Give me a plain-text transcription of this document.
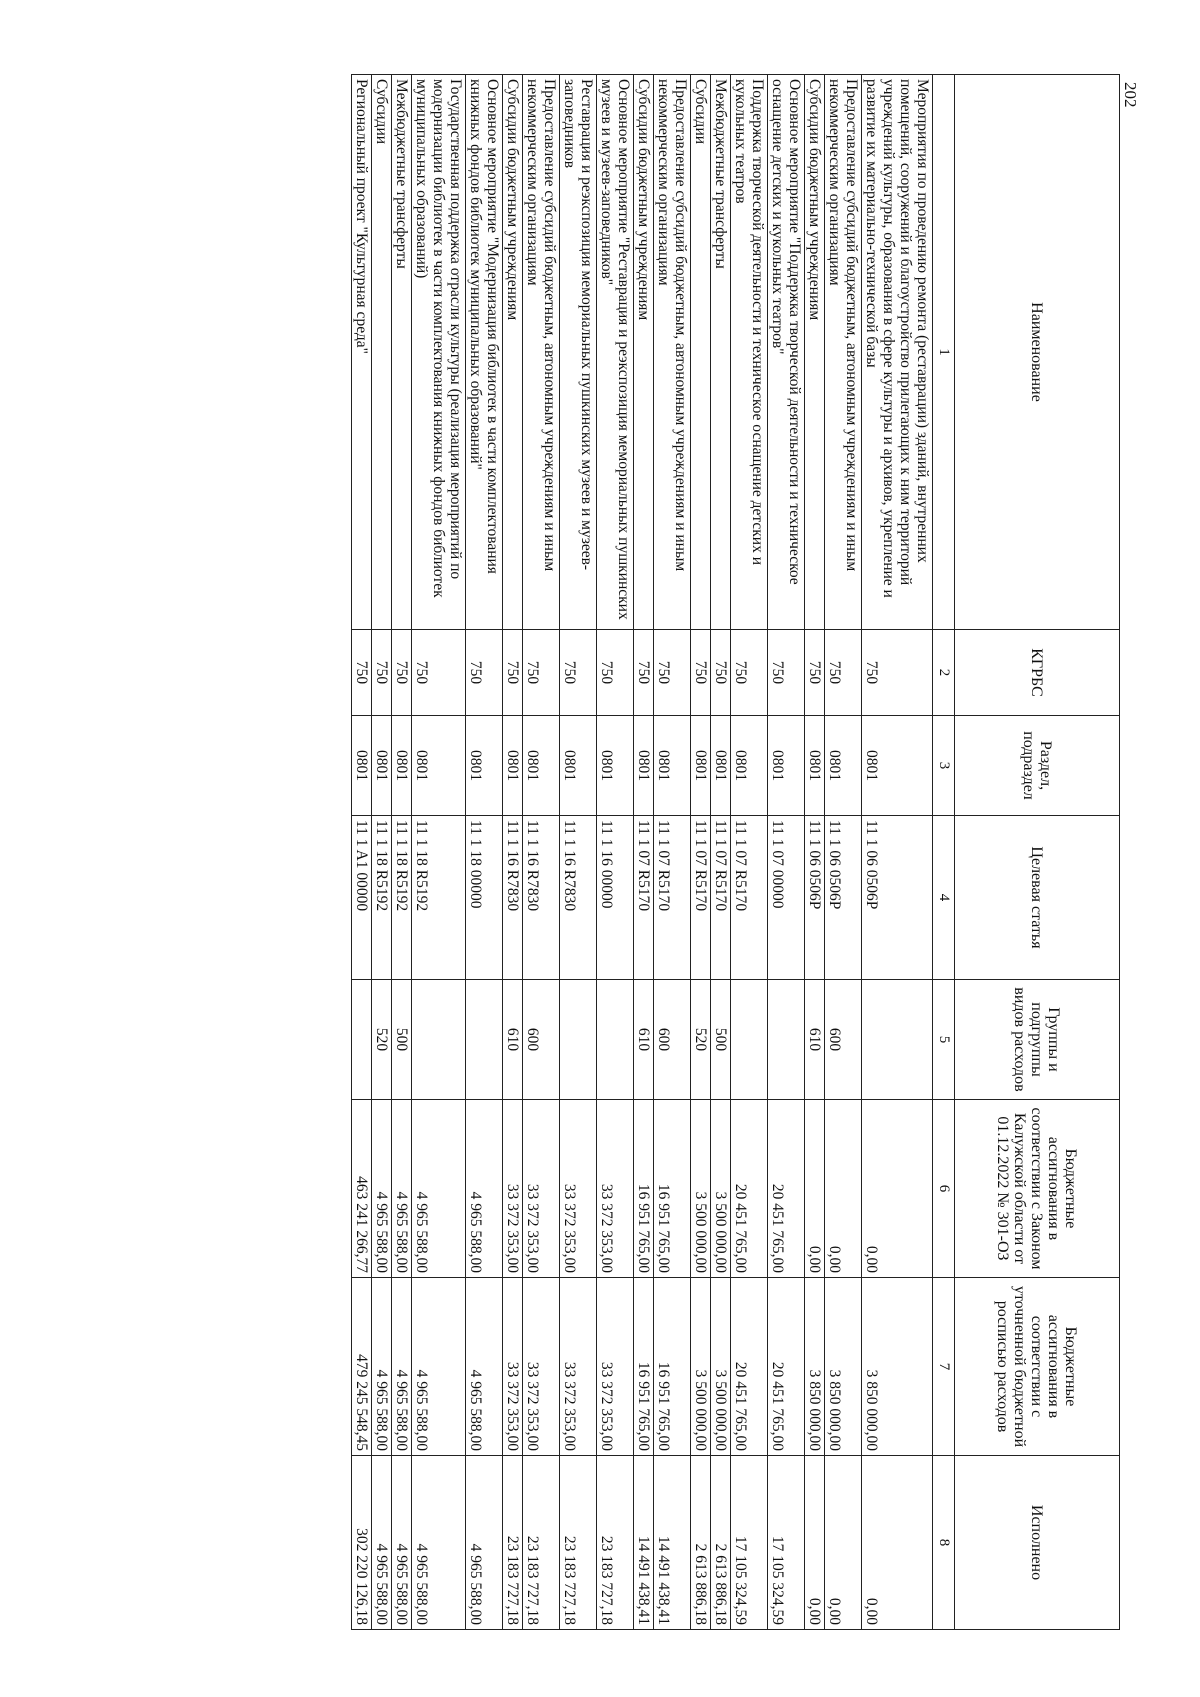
202
Наименование	КГРБС	Раздел, подраздел	Целевая статья	Группы и подгруппы видов расходов	Бюджетные ассигнования в соответствии с Законом Калужской области от 01.12.2022 № 301-ОЗ	Бюджетные ассигнования в соответствии с уточненной бюджетной росписью расходов	Исполнено
1	2	3	4	5	6	7	8
Мероприятия по проведению ремонта (реставрации) зданий, внутренних помещений, сооружений и благоустройство прилегающих к ним территорий учреждений культуры, образования в сфере культуры и архивов, укрепление и развитие их материально-технической базы	750	0801	11 1 06 0506Р		0,00	3 850 000,00	0,00
Предоставление субсидий бюджетным, автономным учреждениям и иным некоммерческим организациям	750	0801	11 1 06 0506Р	600	0,00	3 850 000,00	0,00
Субсидии бюджетным учреждениям	750	0801	11 1 06 0506Р	610	0,00	3 850 000,00	0,00
Основное мероприятие "Поддержка творческой деятельности и техническое оснащение детских и кукольных театров"	750	0801	11 1 07 00000		20 451 765,00	20 451 765,00	17 105 324,59
Поддержка творческой деятельности и техническое оснащение детских и кукольных театров	750	0801	11 1 07 R5170		20 451 765,00	20 451 765,00	17 105 324,59
Межбюджетные трансферты	750	0801	11 1 07 R5170	500	3 500 000,00	3 500 000,00	2 613 886,18
Субсидии	750	0801	11 1 07 R5170	520	3 500 000,00	3 500 000,00	2 613 886,18
Предоставление субсидий бюджетным, автономным учреждениям и иным некоммерческим организациям	750	0801	11 1 07 R5170	600	16 951 765,00	16 951 765,00	14 491 438,41
Субсидии бюджетным учреждениям	750	0801	11 1 07 R5170	610	16 951 765,00	16 951 765,00	14 491 438,41
Основное мероприятие "Реставрация и реэкспозиция мемориальных пушкинских музеев и музеев-заповедников"	750	0801	11 1 16 00000		33 372 353,00	33 372 353,00	23 183 727,18
Реставрация и реэкспозиция мемориальных пушкинских музеев и музеев-заповедников	750	0801	11 1 16 R7830		33 372 353,00	33 372 353,00	23 183 727,18
Предоставление субсидий бюджетным, автономным учреждениям и иным некоммерческим организациям	750	0801	11 1 16 R7830	600	33 372 353,00	33 372 353,00	23 183 727,18
Субсидии бюджетным учреждениям	750	0801	11 1 16 R7830	610	33 372 353,00	33 372 353,00	23 183 727,18
Основное мероприятие "Модернизация библиотек в части комплектования книжных фондов библиотек муниципальных образований"	750	0801	11 1 18 00000		4 965 588,00	4 965 588,00	4 965 588,00
Государственная поддержка отрасли культуры (реализация мероприятий по модернизации библиотек в части комплектования книжных фондов библиотек муниципальных образований)	750	0801	11 1 18 R5192		4 965 588,00	4 965 588,00	4 965 588,00
Межбюджетные трансферты	750	0801	11 1 18 R5192	500	4 965 588,00	4 965 588,00	4 965 588,00
Субсидии	750	0801	11 1 18 R5192	520	4 965 588,00	4 965 588,00	4 965 588,00
Региональный проект "Культурная среда"	750	0801	11 1 A1 00000		463 241 266,77	479 245 548,45	302 220 126,18
